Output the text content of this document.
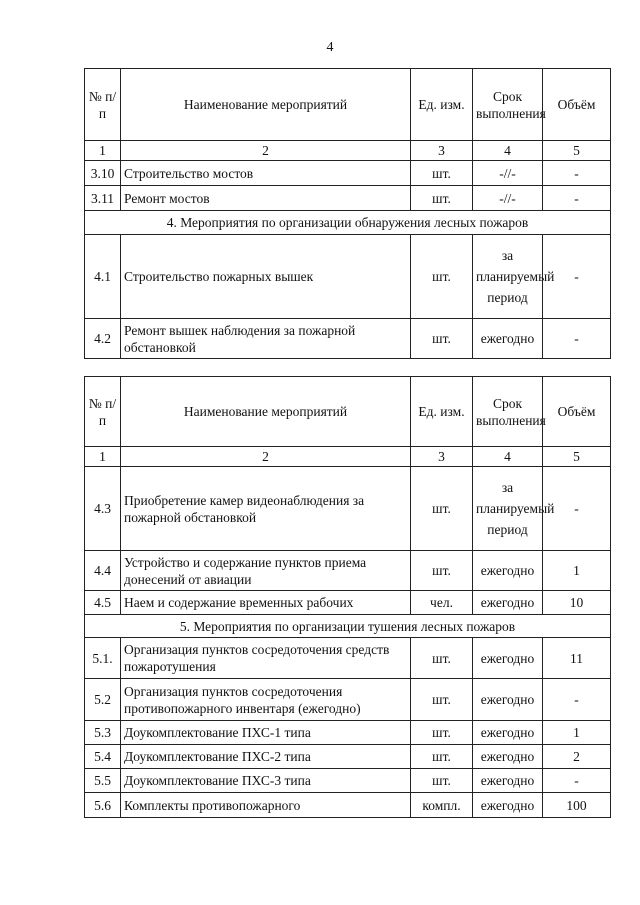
4
№ п/п	Наименование мероприятий	Ед. изм.	Срок выполнения	Объём
1	2	3	4	5
3.10	Строительство мостов	шт.	-//-	-
3.11	Ремонт мостов	шт.	-//-	-
4. Мероприятия по организации обнаружения лесных пожаров				
4.1	Строительство пожарных вышек	шт.	за планируемый период	-
4.2	Ремонт вышек наблюдения за пожарной обстановкой	шт.	ежегодно	-
№ п/п	Наименование мероприятий	Ед. изм.	Срок выполнения	Объём
1	2	3	4	5
4.3	Приобретение камер видеонаблюдения за пожарной обстановкой	шт.	за планируемый период	-
4.4	Устройство и содержание пунктов приема донесений от авиации	шт.	ежегодно	1
4.5	Наем и содержание временных рабочих	чел.	ежегодно	10
5. Мероприятия по организации тушения лесных пожаров				
5.1.	Организация пунктов сосредоточения средств пожаротушения	шт.	ежегодно	11
5.2	Организация пунктов сосредоточения противопожарного инвентаря (ежегодно)	шт.	ежегодно	-
5.3	Доукомплектование ПХС-1 типа	шт.	ежегодно	1
5.4	Доукомплектование ПХС-2 типа	шт.	ежегодно	2
5.5	Доукомплектование ПХС-3 типа	шт.	ежегодно	-
5.6	Комплекты противопожарного	компл.	ежегодно	100
